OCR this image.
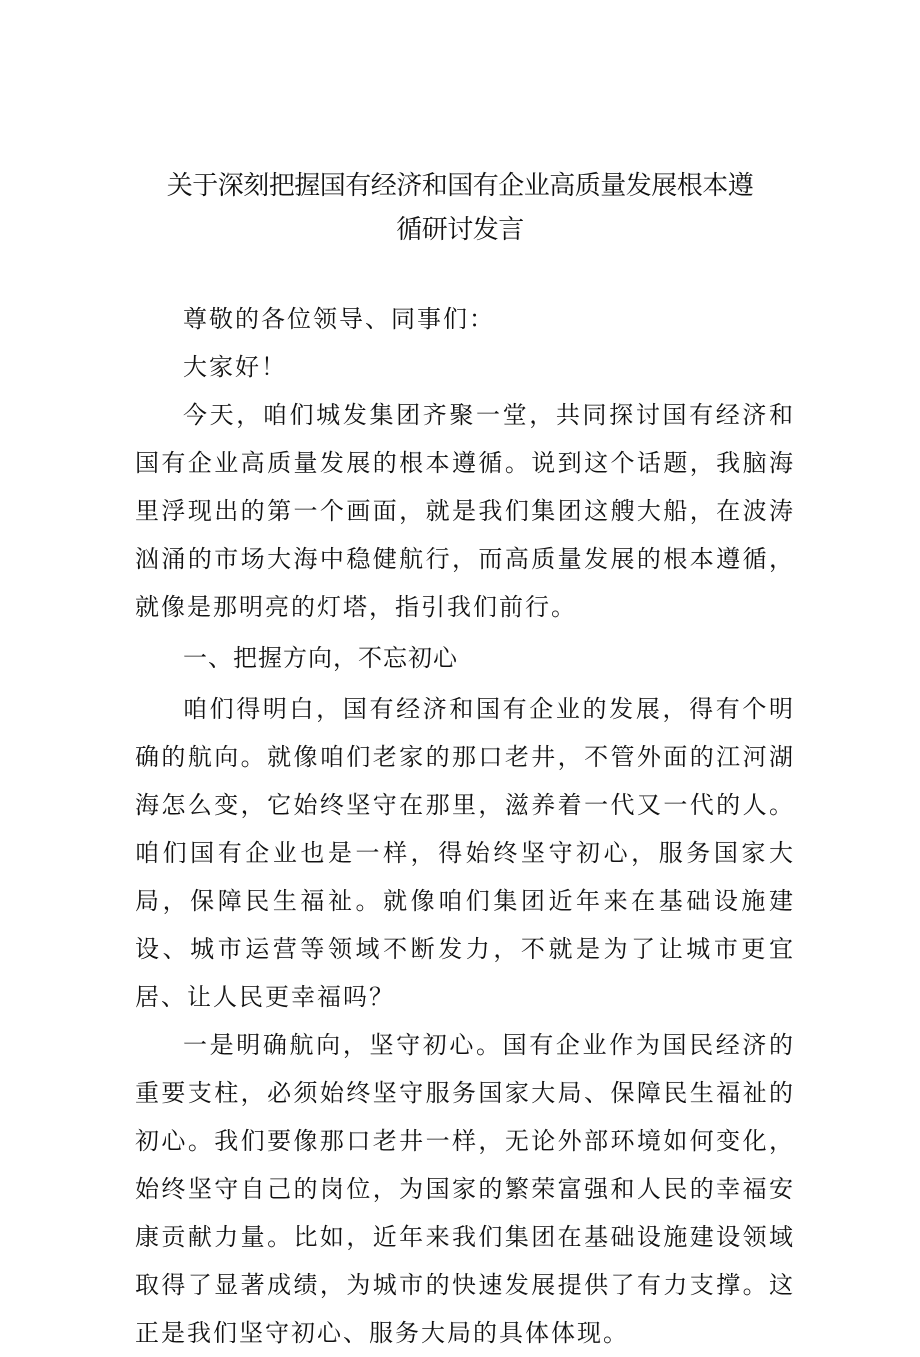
关于深刻把握国有经济和国有企业高质量发展根本遵
循研讨发言

尊敬的各位领导、同事们：

大家好！

今天，咱们城发集团齐聚一堂，共同探讨国有经济和国有企业高质量发展的根本遵循。说到这个话题，我脑海里浮现出的第一个画面，就是我们集团这艘大船，在波涛汹涌的市场大海中稳健航行，而高质量发展的根本遵循，就像是那明亮的灯塔，指引我们前行。

一、把握方向，不忘初心

咱们得明白，国有经济和国有企业的发展，得有个明确的航向。就像咱们老家的那口老井，不管外面的江河湖海怎么变，它始终坚守在那里，滋养着一代又一代的人。咱们国有企业也是一样，得始终坚守初心，服务国家大局，保障民生福祉。就像咱们集团近年来在基础设施建设、城市运营等领域不断发力，不就是为了让城市更宜居、让人民更幸福吗？

一是明确航向，坚守初心。国有企业作为国民经济的重要支柱，必须始终坚守服务国家大局、保障民生福祉的初心。我们要像那口老井一样，无论外部环境如何变化，始终坚守自己的岗位，为国家的繁荣富强和人民的幸福安康贡献力量。比如，近年来我们集团在基础设施建设领域取得了显著成绩，为城市的快速发展提供了有力支撑。这正是我们坚守初心、服务大局的具体体现。
